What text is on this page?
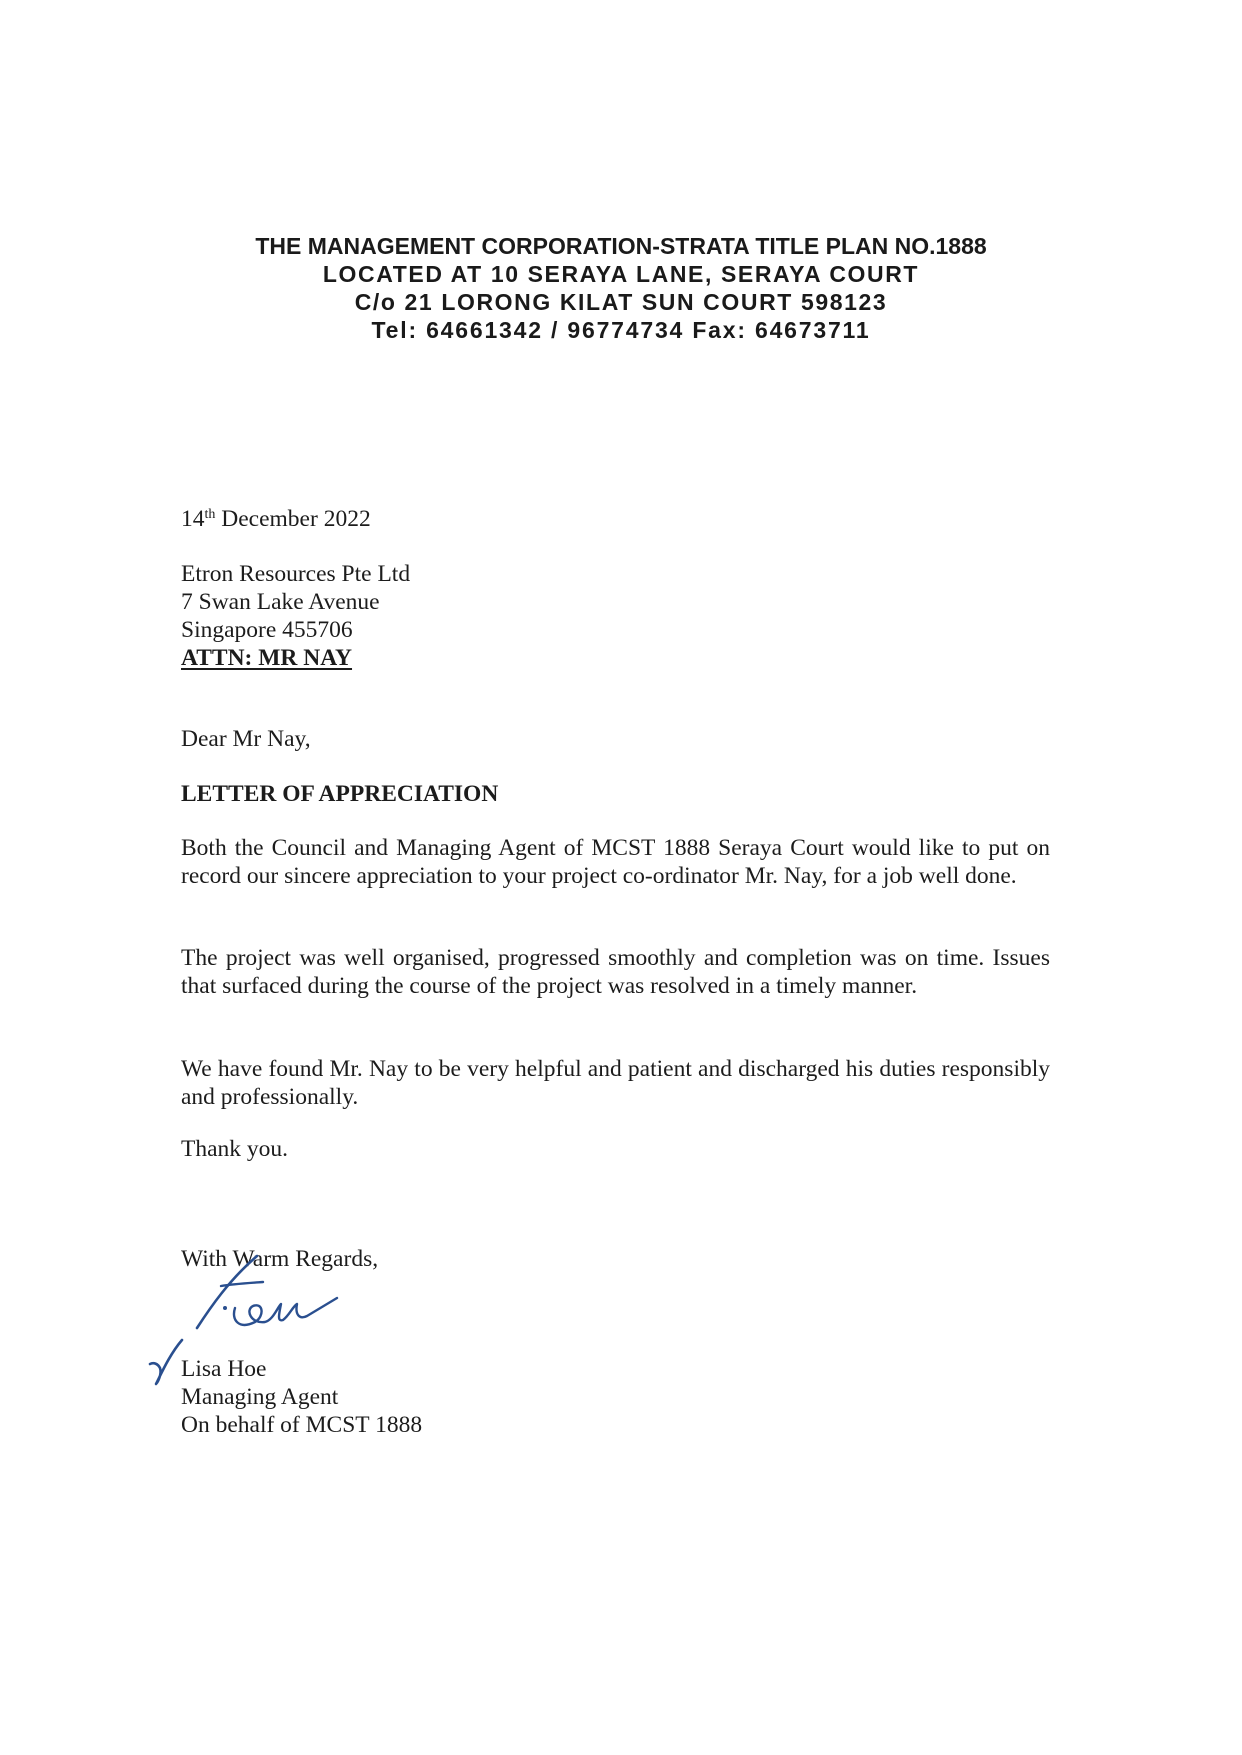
THE MANAGEMENT CORPORATION-STRATA TITLE PLAN NO.1888
LOCATED AT 10 SERAYA LANE, SERAYA COURT
C/o 21 LORONG KILAT SUN COURT 598123
Tel: 64661342 / 96774734 Fax: 64673711
14th December 2022
Etron Resources Pte Ltd
7 Swan Lake Avenue
Singapore 455706
ATTN: MR NAY
Dear Mr Nay,
LETTER OF APPRECIATION
Both the Council and Managing Agent of MCST 1888 Seraya Court would like to put on record our sincere appreciation to your project co-ordinator Mr. Nay, for a job well done.
The project was well organised, progressed smoothly and completion was on time. Issues that surfaced during the course of the project was resolved in a timely manner.
We have found Mr. Nay to be very helpful and patient and discharged his duties responsibly and professionally.
Thank you.
With Warm Regards,
Lisa Hoe
Managing Agent
On behalf of MCST 1888
